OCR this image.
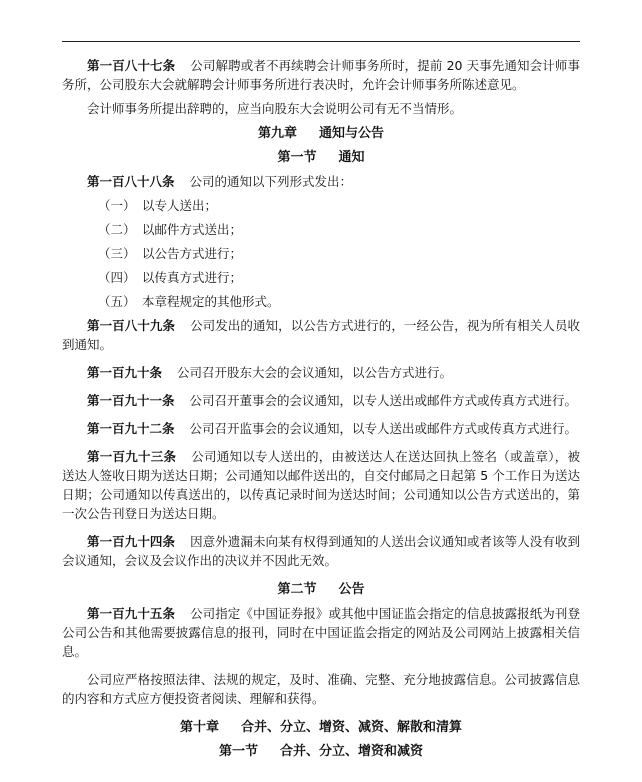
第一百八十七条 公司解聘或者不再续聘会计师事务所时，提前 20 天事先通知会计师事务所，公司股东大会就解聘会计师事务所进行表决时，允许会计师事务所陈述意见。

会计师事务所提出辞聘的，应当向股东大会说明公司有无不当情形。

第九章 通知与公告

第一节 通知

第一百八十八条 公司的通知以下列形式发出：

（一） 以专人送出；

（二） 以邮件方式送出；

（三） 以公告方式进行；

（四） 以传真方式进行；

（五） 本章程规定的其他形式。

第一百八十九条 公司发出的通知，以公告方式进行的，一经公告，视为所有相关人员收到通知。

第一百九十条 公司召开股东大会的会议通知，以公告方式进行。

第一百九十一条 公司召开董事会的会议通知，以专人送出或邮件方式或传真方式进行。

第一百九十二条 公司召开监事会的会议通知，以专人送出或邮件方式或传真方式进行。

第一百九十三条 公司通知以专人送出的，由被送达人在送达回执上签名（或盖章），被送达人签收日期为送达日期；公司通知以邮件送出的，自交付邮局之日起第 5 个工作日为送达日期；公司通知以传真送出的，以传真记录时间为送达时间；公司通知以公告方式送出的，第一次公告刊登日为送达日期。

第一百九十四条 因意外遗漏未向某有权得到通知的人送出会议通知或者该等人没有收到会议通知，会议及会议作出的决议并不因此无效。

第二节 公告

第一百九十五条 公司指定《中国证券报》或其他中国证监会指定的信息披露报纸为刊登公司公告和其他需要披露信息的报刊，同时在中国证监会指定的网站及公司网站上披露相关信息。

公司应严格按照法律、法规的规定，及时、准确、完整、充分地披露信息。公司披露信息的内容和方式应方便投资者阅读、理解和获得。

第十章 合并、分立、增资、减资、解散和清算

第一节 合并、分立、增资和减资
